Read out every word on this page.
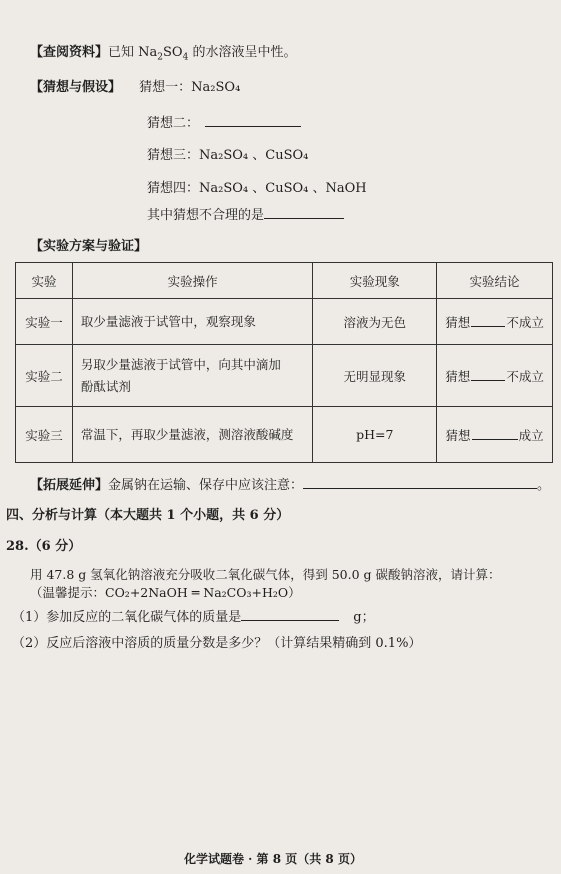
【查阅资料】已知 $Na_2SO_4$ 的水溶液呈中性。
【猜想与假设】 猜想一：Na₂SO₄
猜想二：
猜想三：Na₂SO₄ 、CuSO₄
猜想四：Na₂SO₄ 、CuSO₄ 、NaOH
其中猜想不合理的是
【实验方案与验证】
实验	实验操作	实验现象	实验结论
实验一	取少量滤液于试管中，观察现象	溶液为无色	猜想 不成立
实验二	另取少量滤液于试管中，向其中滴加
酚酞试剂	无明显现象	猜想 不成立
实验三	常温下，再取少量滤液，测溶液酸碱度	pH=7	猜想 成立
【拓展延伸】金属钠在运输、保存中应该注意：	。
四、分析与计算（本大题共 1 个小题，共 6 分）
28.（6 分）
用 47.8 g 氢氧化钠溶液充分吸收二氧化碳气体，得到 50.0 g 碳酸钠溶液，请计算：
（温馨提示：CO₂+2NaOH ═ Na₂CO₃+H₂O）
（1）参加反应的二氧化碳气体的质量是	g；
（2）反应后溶液中溶质的质量分数是多少？（计算结果精确到 0.1%）
化学试题卷 · 第 8 页（共 8 页）
